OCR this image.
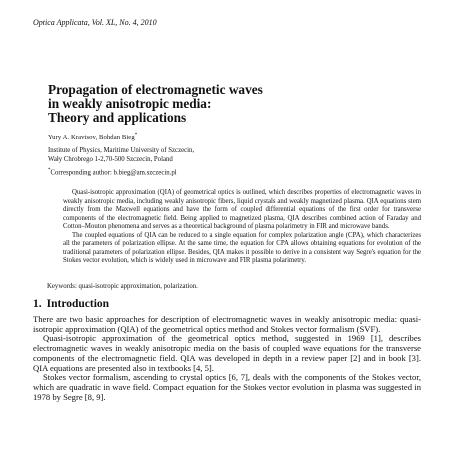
Optica Applicata, Vol. XL, No. 4, 2010
Propagation of electromagnetic waves
in weakly anisotropic media:
Theory and applications
Yury A. Kravtsov, Bohdan Bieg*
Institute of Physics, Maritime University of Szczecin,
Wały Chrobrego 1-2,70-500 Szczecin, Poland
*Corresponding author: b.bieg@am.szczecin.pl

Quasi-isotropic approximation (QIA) of geometrical optics is outlined, which describes properties of electromagnetic waves in weakly anisotropic media, including weakly anisotropic fibers, liquid crystals and weakly magnetized plasma. QIA equations stem directly from the Maxwell equations and have the form of coupled differential equations of the first order for transverse components of the electromagnetic field. Being applied to magnetized plasma, QIA describes combined action of Faraday and Cotton–Mouton phenomena and serves as a theoretical background of plasma polarimetry in FIR and microwave bands.

The coupled equations of QIA can be reduced to a single equation for complex polarization angle (CPA), which characterizes all the parameters of polarization ellipse. At the same time, the equation for CPA allows obtaining equations for evolution of the traditional parameters of polarization ellipse. Besides, QIA makes it possible to derive in a consistent way Segre's equation for the Stokes vector evolution, which is widely used in microwave and FIR plasma polarimetry.

Keywords: quasi-isotropic approximation, polarization.
1. Introduction

There are two basic approaches for description of electromagnetic waves in weakly anisotropic media: quasi-isotropic approximation (QIA) of the geometrical optics method and Stokes vector formalism (SVF).

Quasi-isotropic approximation of the geometrical optics method, suggested in 1969 [1], describes electromagnetic waves in weakly anisotropic media on the basis of coupled wave equations for the transverse components of the electromagnetic field. QIA was developed in depth in a review paper [2] and in book [3]. QIA equations are presented also in textbooks [4, 5].

Stokes vector formalism, ascending to crystal optics [6, 7], deals with the components of the Stokes vector, which are quadratic in wave field. Compact equation for the Stokes vector evolution in plasma was suggested in 1978 by Segre [8, 9].
